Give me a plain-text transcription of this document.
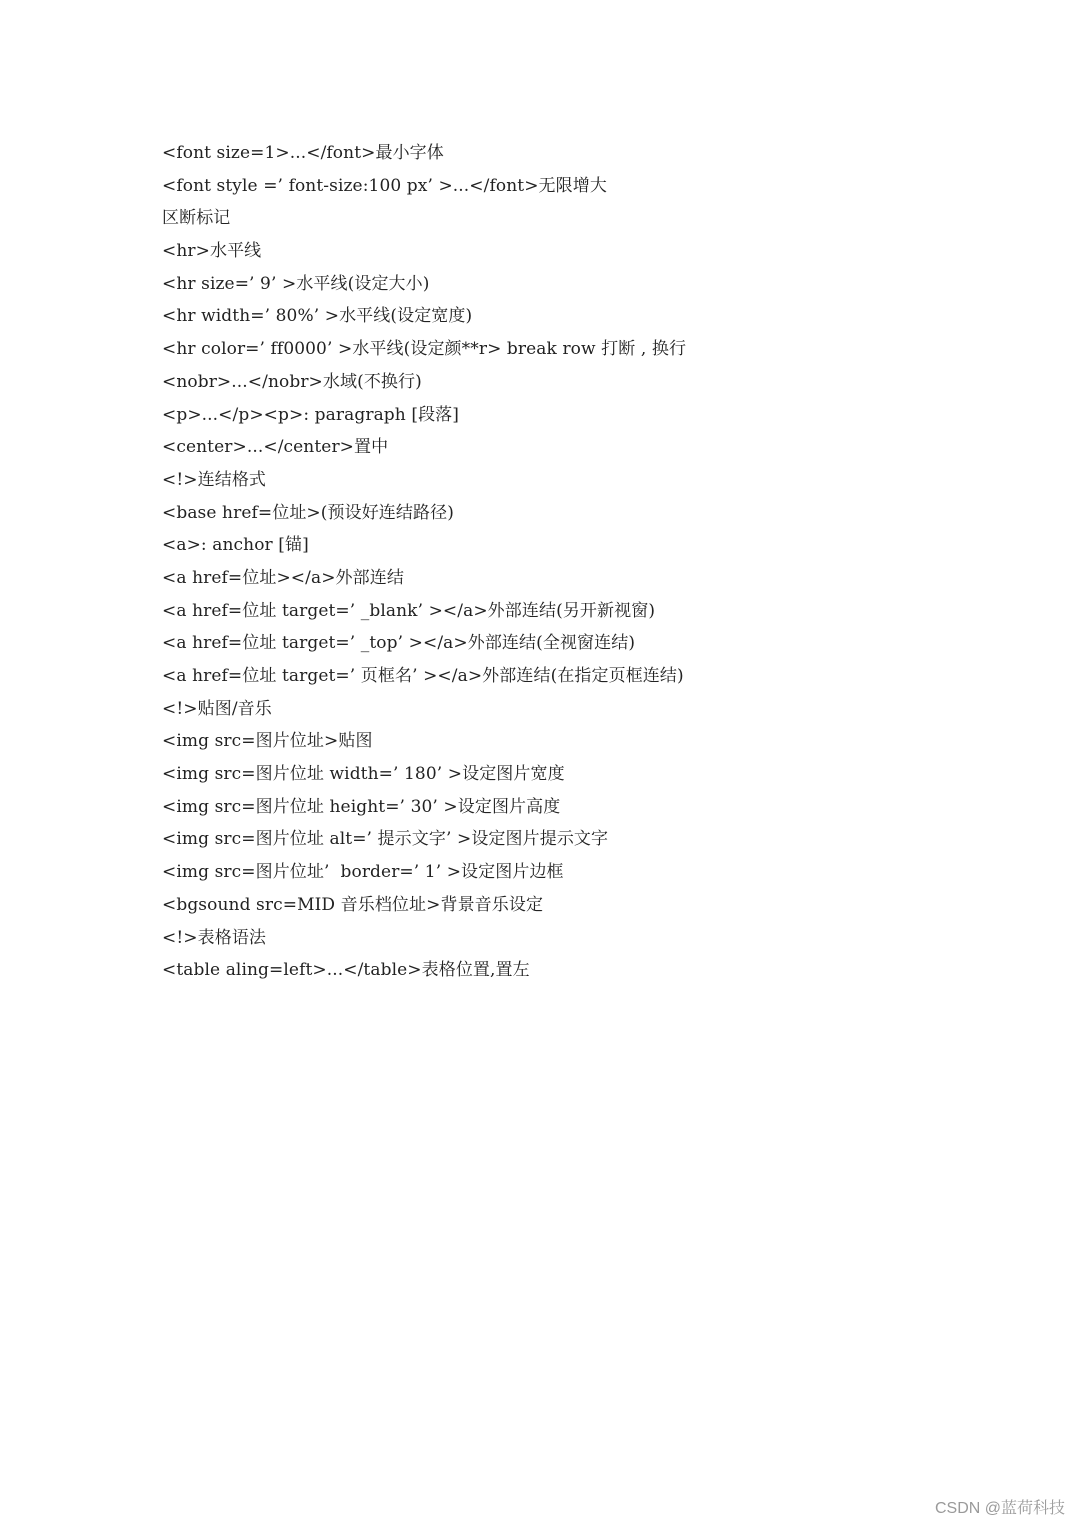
<font size=1>...</font>最小字体
<font style =’ font-size:100 px’ >...</font>无限增大
区断标记
<hr>水平线
<hr size=’ 9’ >水平线(设定大小)
<hr width=’ 80%’ >水平线(设定宽度)
<hr color=’ ff0000’ >水平线(设定颜**r> break row 打断 , 换行
<nobr>...</nobr>水域(不换行)
<p>...</p><p>: paragraph [段落]
<center>...</center>置中
<!>连结格式
<base href=位址>(预设好连结路径)
<a>: anchor [锚]
<a href=位址></a>外部连结
<a href=位址 target=’ _blank’ ></a>外部连结(另开新视窗)
<a href=位址 target=’ _top’ ></a>外部连结(全视窗连结)
<a href=位址 target=’ 页框名’ ></a>外部连结(在指定页框连结)
<!>贴图/音乐
<img src=图片位址>贴图
<img src=图片位址 width=’ 180’ >设定图片宽度
<img src=图片位址 height=’ 30’ >设定图片高度
<img src=图片位址 alt=’ 提示文字’ >设定图片提示文字
<img src=图片位址’  border=’ 1’ >设定图片边框
<bgsound src=MID 音乐档位址>背景音乐设定
<!>表格语法
<table aling=left>...</table>表格位置,置左
CSDN @蓝荷科技
